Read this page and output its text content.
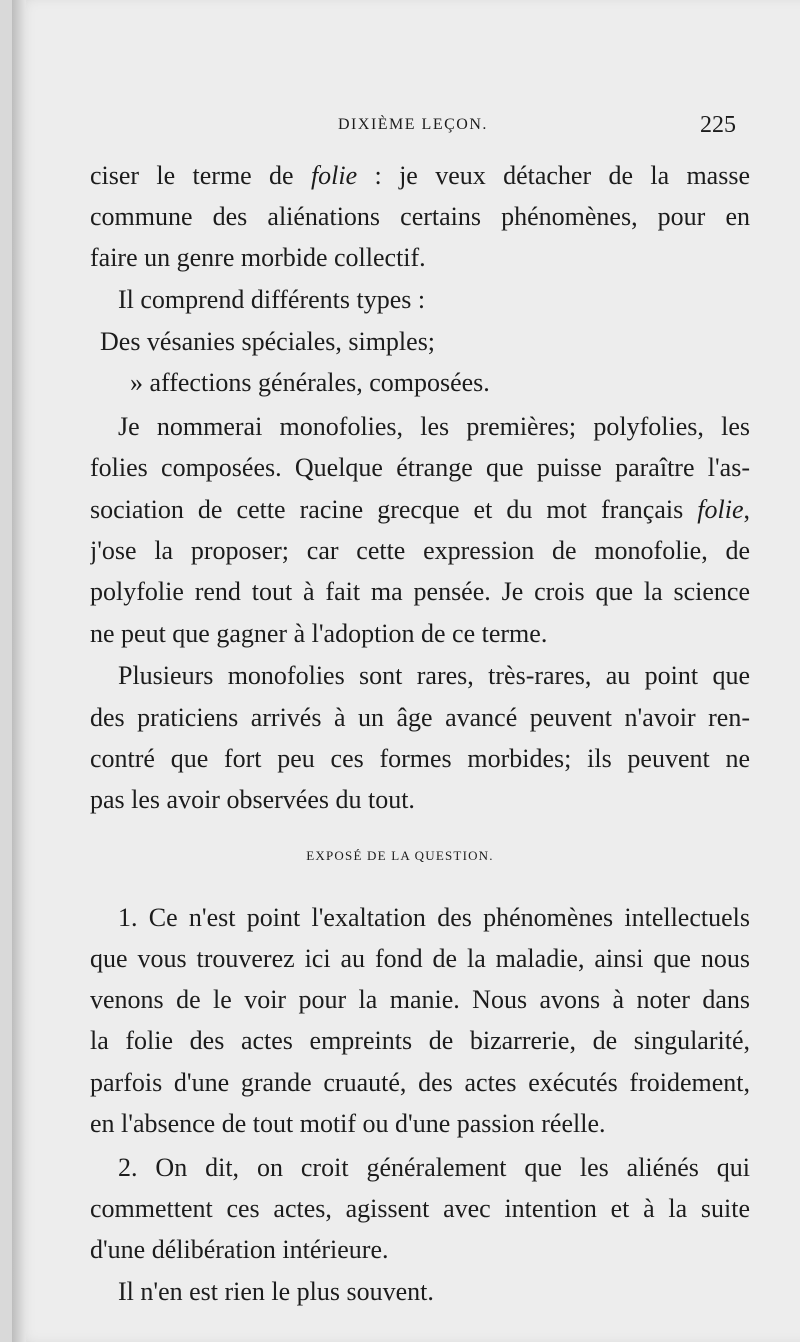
DIXIÈME LEÇON.	225
ciser le terme de folie : je veux détacher de la masse
commune des aliénations certains phénomènes, pour en
faire un genre morbide collectif.
Il comprend différents types :
Des vésanies spéciales, simples;
» affections générales, composées.
Je nommerai monofolies, les premières; polyfolies, les
folies composées. Quelque étrange que puisse paraître l'as-
sociation de cette racine grecque et du mot français folie,
j'ose la proposer; car cette expression de monofolie, de
polyfolie rend tout à fait ma pensée. Je crois que la science
ne peut que gagner à l'adoption de ce terme.
Plusieurs monofolies sont rares, très-rares, au point que
des praticiens arrivés à un âge avancé peuvent n'avoir ren-
contré que fort peu ces formes morbides; ils peuvent ne
pas les avoir observées du tout.
EXPOSÉ DE LA QUESTION.
1. Ce n'est point l'exaltation des phénomènes intellectuels
que vous trouverez ici au fond de la maladie, ainsi que nous
venons de le voir pour la manie. Nous avons à noter dans
la folie des actes empreints de bizarrerie, de singularité,
parfois d'une grande cruauté, des actes exécutés froidement,
en l'absence de tout motif ou d'une passion réelle.
2. On dit, on croit généralement que les aliénés qui
commettent ces actes, agissent avec intention et à la suite
d'une délibération intérieure.
Il n'en est rien le plus souvent.
